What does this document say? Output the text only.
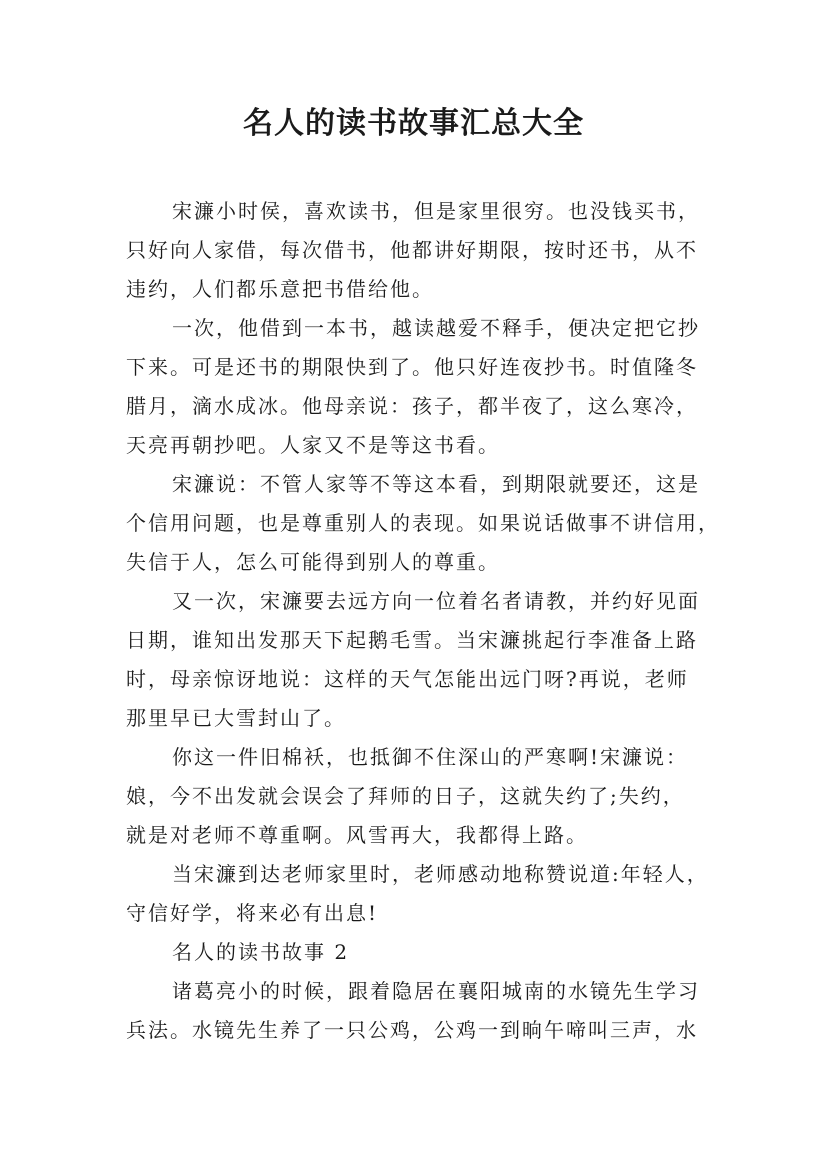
名人的读书故事汇总大全

宋濂小时侯，喜欢读书，但是家里很穷。也没钱买书，
只好向人家借，每次借书，他都讲好期限，按时还书，从不
违约，人们都乐意把书借给他。

一次，他借到一本书，越读越爱不释手，便决定把它抄
下来。可是还书的期限快到了。他只好连夜抄书。时值隆冬
腊月，滴水成冰。他母亲说：孩子，都半夜了，这么寒冷，
天亮再朝抄吧。人家又不是等这书看。

宋濂说：不管人家等不等这本看，到期限就要还，这是
个信用问题，也是尊重别人的表现。如果说话做事不讲信用，
失信于人，怎么可能得到别人的尊重。

又一次，宋濂要去远方向一位着名者请教，并约好见面
日期，谁知出发那天下起鹅毛雪。当宋濂挑起行李准备上路
时，母亲惊讶地说：这样的天气怎能出远门呀?再说，老师
那里早已大雪封山了。

你这一件旧棉袄，也抵御不住深山的严寒啊!宋濂说：
娘，今不出发就会误会了拜师的日子，这就失约了;失约，
就是对老师不尊重啊。风雪再大，我都得上路。

当宋濂到达老师家里时，老师感动地称赞说道:年轻人，
守信好学，将来必有出息!

名人的读书故事 2

诸葛亮小的时候，跟着隐居在襄阳城南的水镜先生学习
兵法。水镜先生养了一只公鸡，公鸡一到晌午啼叫三声，水
